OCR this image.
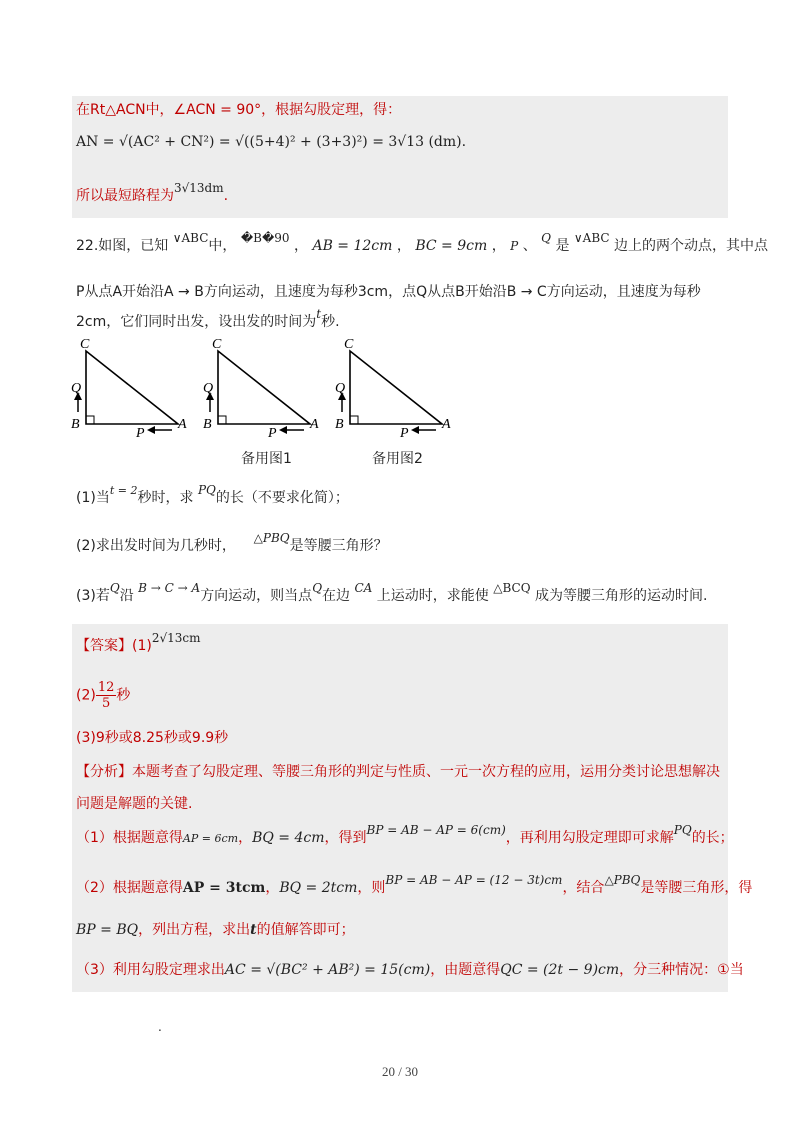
在Rt△ACN中，∠ACN = 90°，根据勾股定理，得：
AN = √(AC² + CN²) = √((5+4)² + (3+3)²) = 3√13 (dm).
所以最短路程为3√13dm.
22.如图，已知 ∨ABC中， �B�90 ， AB = 12cm ， BC = 9cm ， P 、 Q 是 ∨ABC 边上的两个动点，其中点
P从点A开始沿A → B方向运动，且速度为每秒3cm，点Q从点B开始沿B → C方向运动，且速度为每秒
2cm，它们同时出发，设出发的时间为t秒.
C
Q
B
P
A
C
Q
B
P
A
C
Q
B
P
A
备用图1	备用图2
(1)当$^{t = 2}$秒时，求 PQ的长（不要求化简）；
(2)求出发时间为几秒时， △PBQ是等腰三角形？
(3)若Q沿 B → C → A方向运动，则当点Q在边 CA 上运动时，求能使 △BCQ 成为等腰三角形的运动时间.
【答案】(1)2√13cm
$(2) \frac{12}{5}$ 秒
(3)9秒或8.25秒或9.9秒
【分析】本题考查了勾股定理、等腰三角形的判定与性质、一元一次方程的应用，运用分类讨论思想解决
问题是解题的关键.
（1）根据题意得AP = 6cm，BQ = 4cm，得到BP = AB − AP = 6(cm)，再利用勾股定理即可求解PQ的长；
（2）根据题意得AP = 3tcm，BQ = 2tcm，则BP = AB − AP = (12 − 3t)cm，结合△PBQ是等腰三角形，得
BP = BQ，列出方程，求出t的值解答即可；
（3）利用勾股定理求出AC = √(BC² + AB²) = 15(cm)，由题意得QC = (2t − 9)cm，分三种情况：①当
.
20 / 30
